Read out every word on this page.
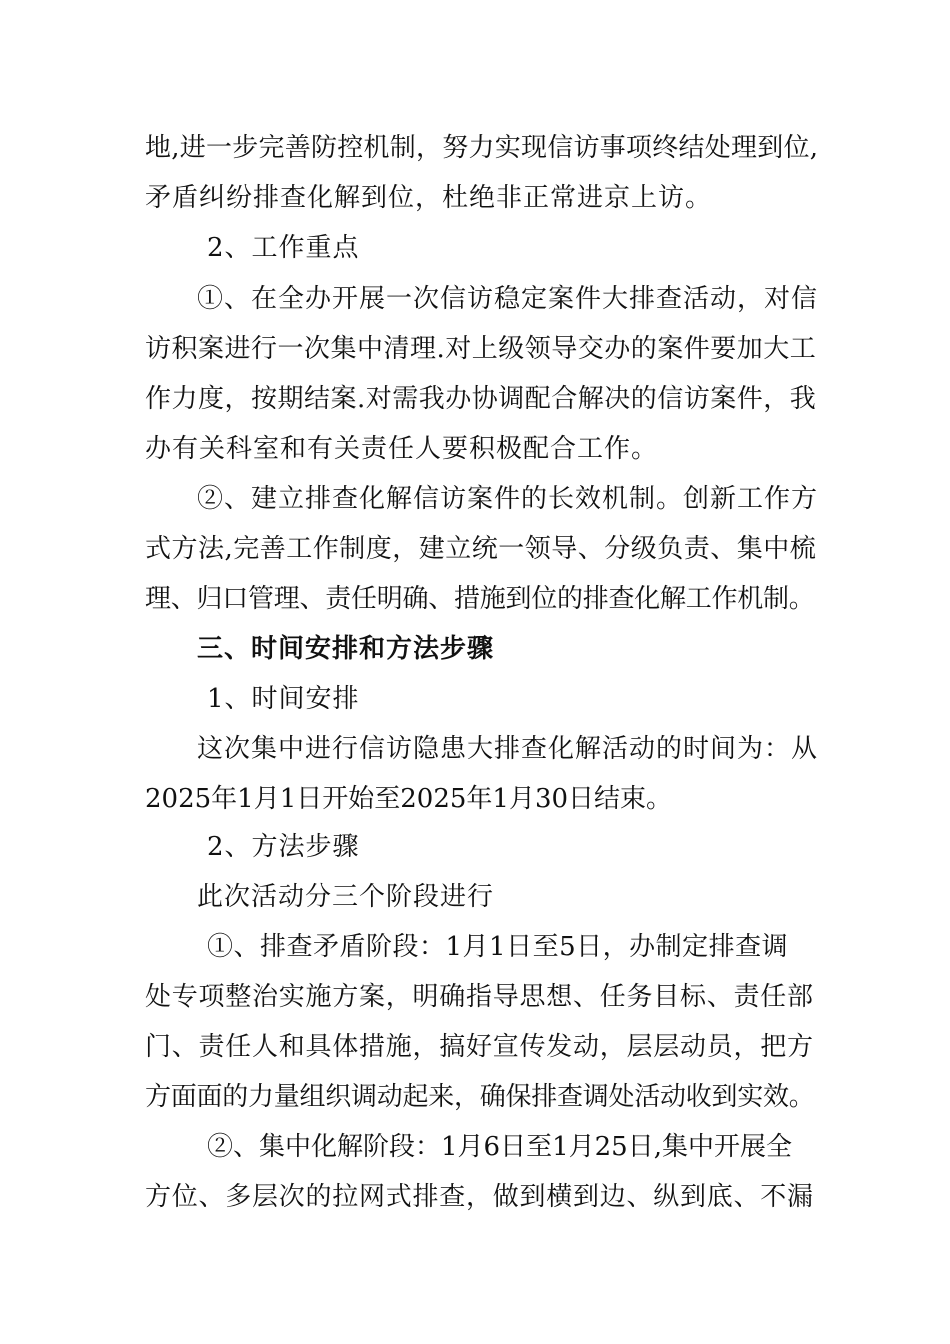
地,进一步完善防控机制，努力实现信访事项终结处理到位,
矛盾纠纷排查化解到位，杜绝非正常进京上访。
2、工作重点
①、在全办开展一次信访稳定案件大排查活动，对信
访积案进行一次集中清理.对上级领导交办的案件要加大工
作力度，按期结案.对需我办协调配合解决的信访案件，我
办有关科室和有关责任人要积极配合工作。
②、建立排查化解信访案件的长效机制。创新工作方
式方法,完善工作制度，建立统一领导、分级负责、集中梳
理、归口管理、责任明确、措施到位的排查化解工作机制。
三、时间安排和方法步骤
1、时间安排
这次集中进行信访隐患大排查化解活动的时间为：从
2025年1月1日开始至2025年1月30日结束。
2、方法步骤
此次活动分三个阶段进行
①、排查矛盾阶段：1月1日至5日，办制定排查调
处专项整治实施方案，明确指导思想、任务目标、责任部
门、责任人和具体措施，搞好宣传发动，层层动员，把方
方面面的力量组织调动起来，确保排查调处活动收到实效。
②、集中化解阶段：1月6日至1月25日,集中开展全
方位、多层次的拉网式排查，做到横到边、纵到底、不漏
